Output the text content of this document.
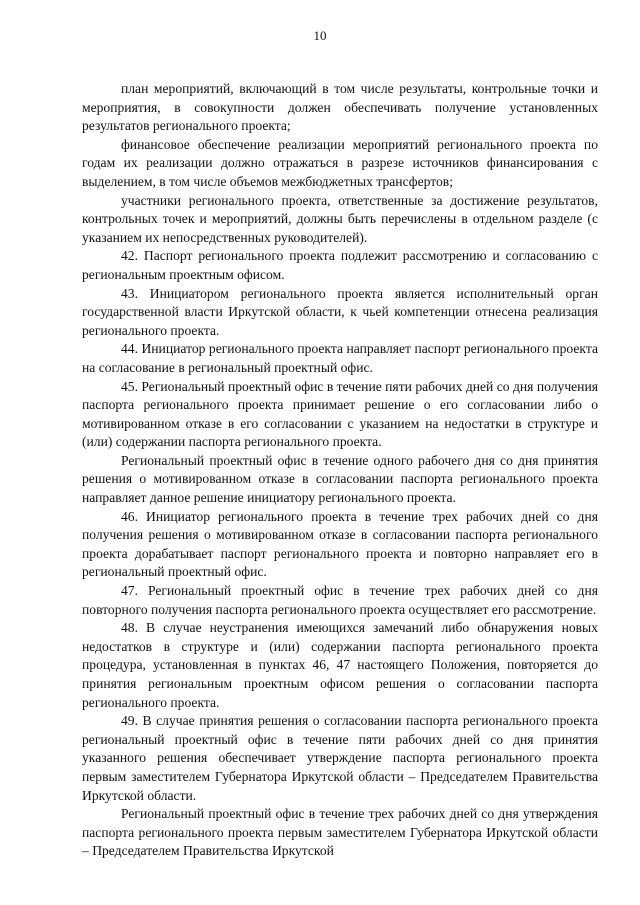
10

план мероприятий, включающий в том числе результаты, контрольные точки и мероприятия, в совокупности должен обеспечивать получение установленных результатов регионального проекта;

финансовое обеспечение реализации мероприятий регионального проекта по годам их реализации должно отражаться в разрезе источников финансирования с выделением, в том числе объемов межбюджетных трансфертов;

участники регионального проекта, ответственные за достижение результатов, контрольных точек и мероприятий, должны быть перечислены в отдельном разделе (с указанием их непосредственных руководителей).

42. Паспорт регионального проекта подлежит рассмотрению и согласованию с региональным проектным офисом.

43. Инициатором регионального проекта является исполнительный орган государственной власти Иркутской области, к чьей компетенции отнесена реализация регионального проекта.

44. Инициатор регионального проекта направляет паспорт регионального проекта на согласование в региональный проектный офис.

45. Региональный проектный офис в течение пяти рабочих дней со дня получения паспорта регионального проекта принимает решение о его согласовании либо о мотивированном отказе в его согласовании с указанием на недостатки в структуре и (или) содержании паспорта регионального проекта.

Региональный проектный офис в течение одного рабочего дня со дня принятия решения о мотивированном отказе в согласовании паспорта регионального проекта направляет данное решение инициатору регионального проекта.

46. Инициатор регионального проекта в течение трех рабочих дней со дня получения решения о мотивированном отказе в согласовании паспорта регионального проекта дорабатывает паспорт регионального проекта и повторно направляет его в региональный проектный офис.

47. Региональный проектный офис в течение трех рабочих дней со дня повторного получения паспорта регионального проекта осуществляет его рассмотрение.

48. В случае неустранения имеющихся замечаний либо обнаружения новых недостатков в структуре и (или) содержании паспорта регионального проекта процедура, установленная в пунктах 46, 47 настоящего Положения, повторяется до принятия региональным проектным офисом решения о согласовании паспорта регионального проекта.

49. В случае принятия решения о согласовании паспорта регионального проекта региональный проектный офис в течение пяти рабочих дней со дня принятия указанного решения обеспечивает утверждение паспорта регионального проекта первым заместителем Губернатора Иркутской области – Председателем Правительства Иркутской области.

Региональный проектный офис в течение трех рабочих дней со дня утверждения паспорта регионального проекта первым заместителем Губернатора Иркутской области – Председателем Правительства Иркутской
